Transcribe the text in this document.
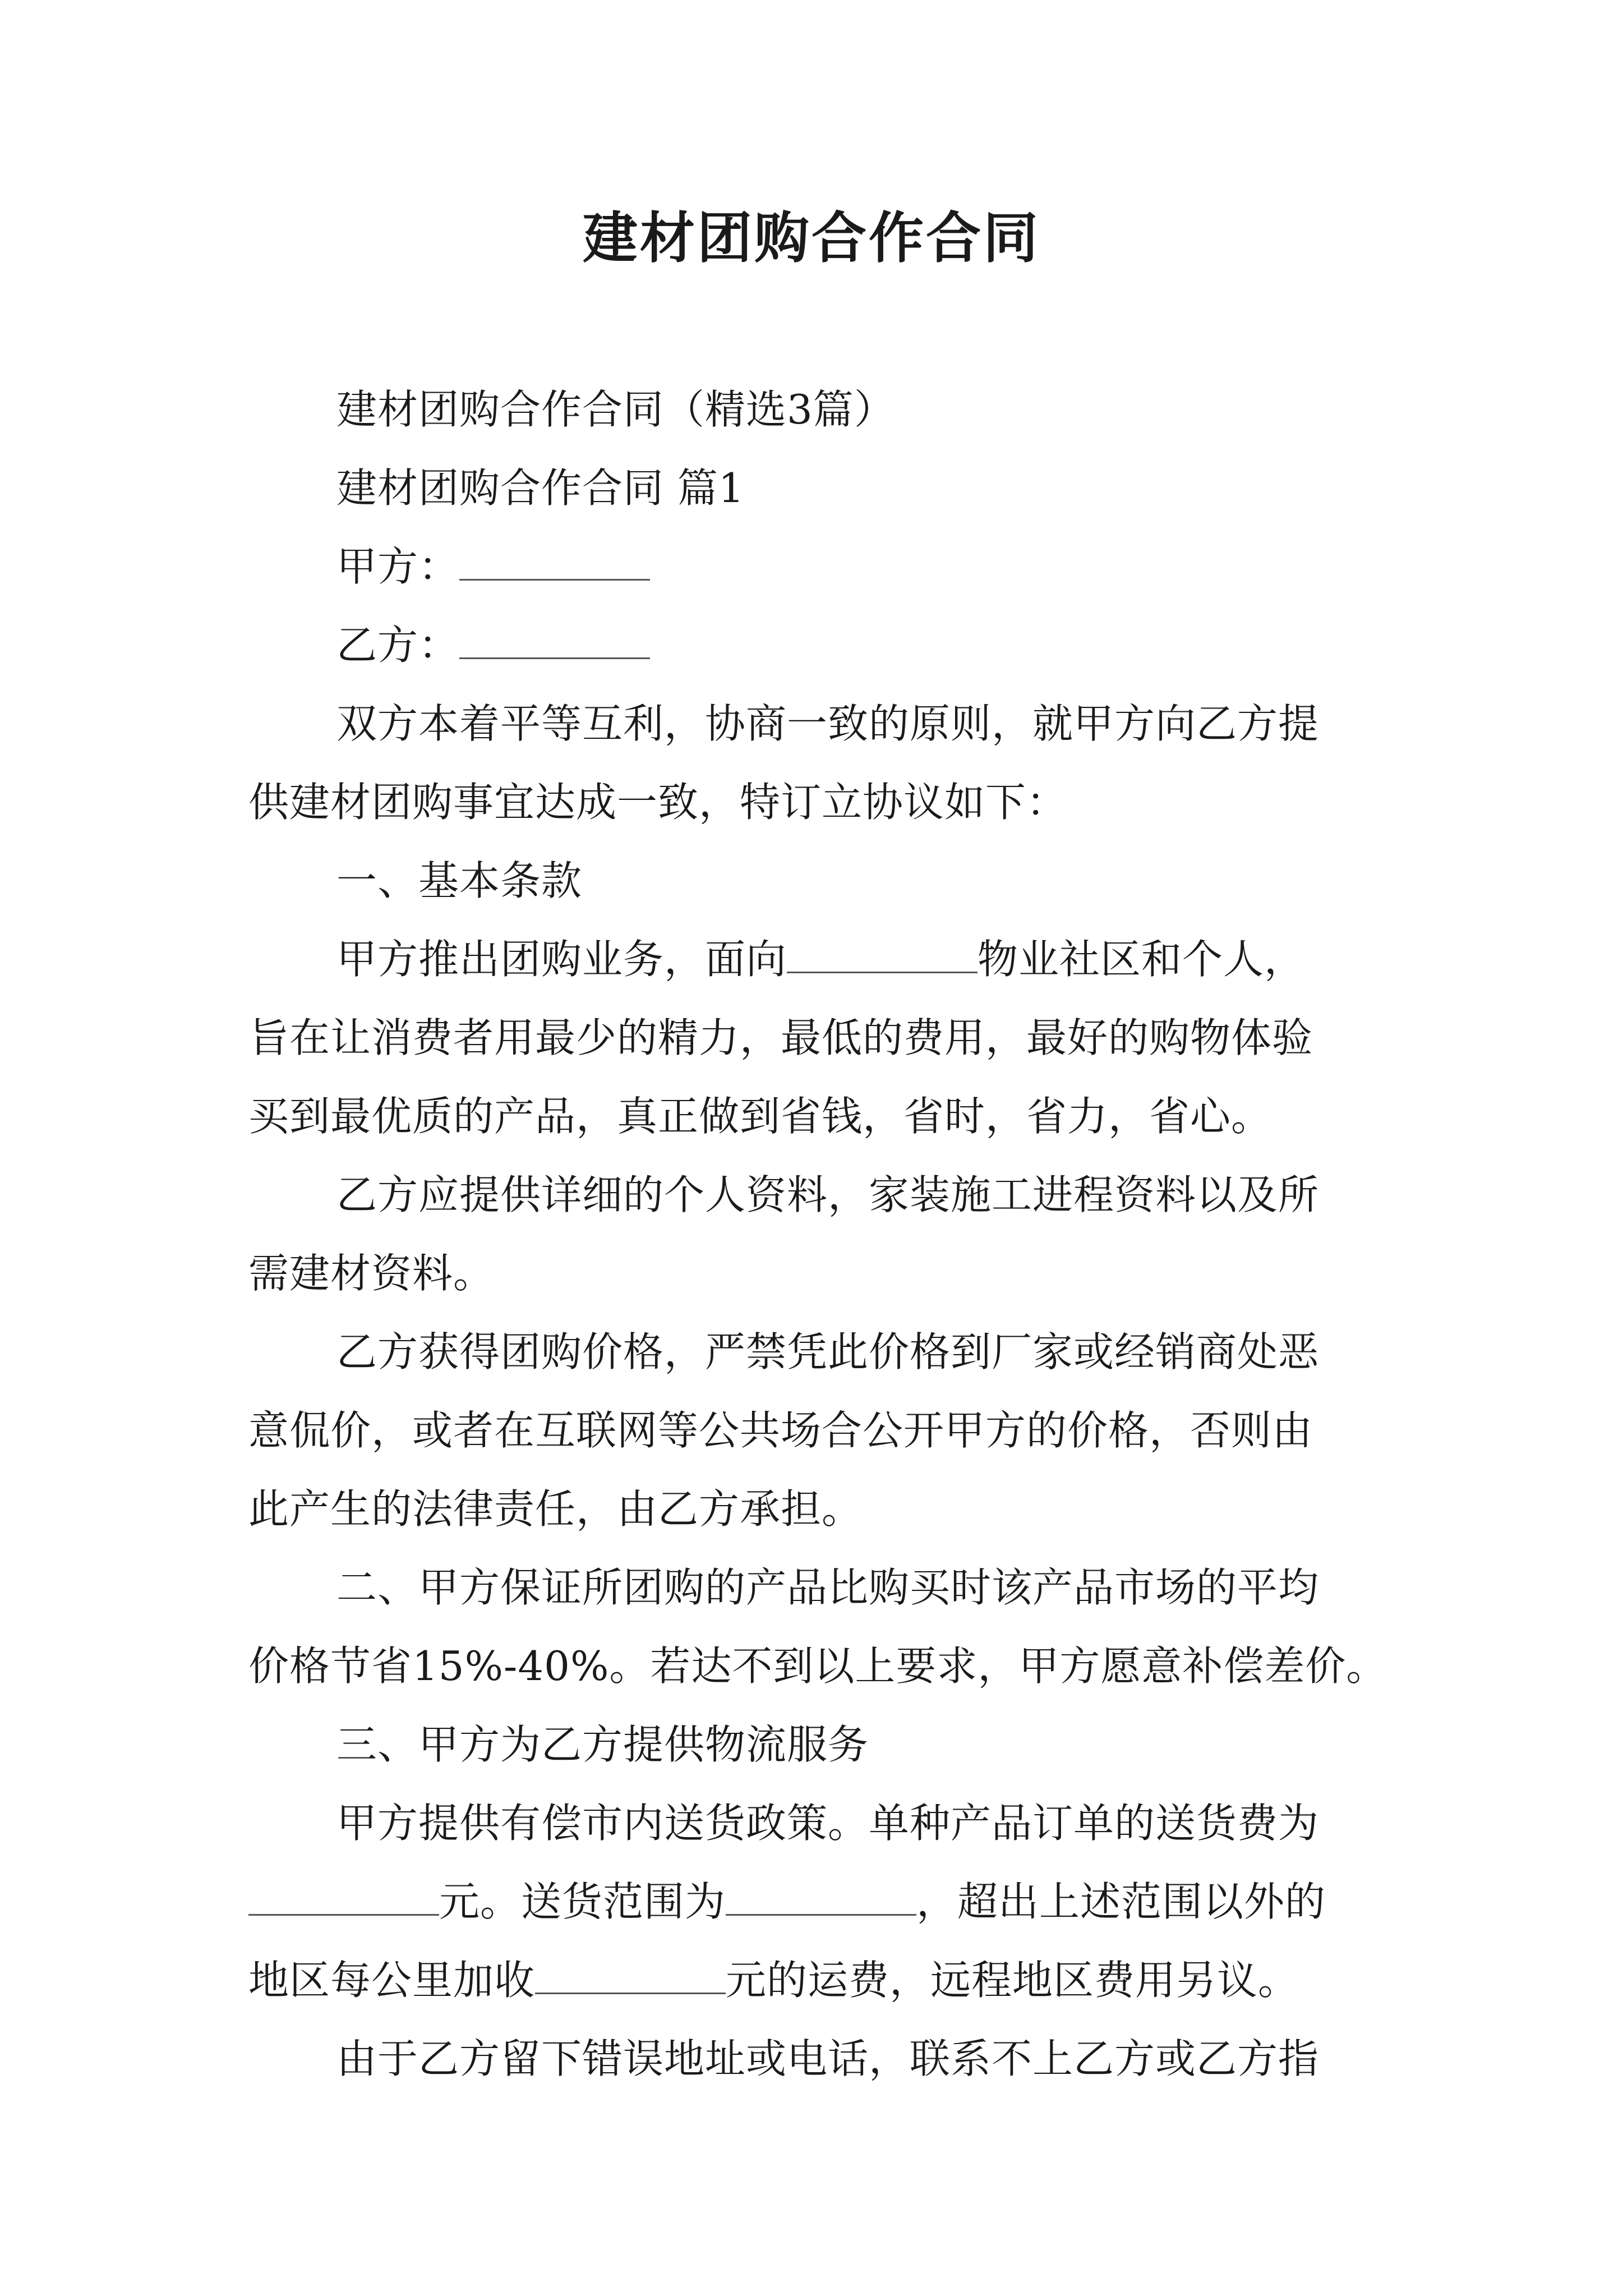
建材团购合作合同
建材团购合作合同（精选3篇）
建材团购合作合同 篇1
甲方：
乙方：
双方本着平等互利，协商一致的原则，就甲方向乙方提
供建材团购事宜达成一致，特订立协议如下：
一、基本条款
甲方推出团购业务，面向	物业社区和个人，
旨在让消费者用最少的精力，最低的费用，最好的购物体验
买到最优质的产品，真正做到省钱，省时，省力，省心。
乙方应提供详细的个人资料，家装施工进程资料以及所
需建材资料。
乙方获得团购价格，严禁凭此价格到厂家或经销商处恶
意侃价，或者在互联网等公共场合公开甲方的价格，否则由
此产生的法律责任，由乙方承担。
二、甲方保证所团购的产品比购买时该产品市场的平均
价格节省15%-40%。若达不到以上要求，甲方愿意补偿差价。
三、甲方为乙方提供物流服务
甲方提供有偿市内送货政策。单种产品订单的送货费为
元。送货范围为	，超出上述范围以外的
地区每公里加收	元的运费，远程地区费用另议。
由于乙方留下错误地址或电话，联系不上乙方或乙方指
